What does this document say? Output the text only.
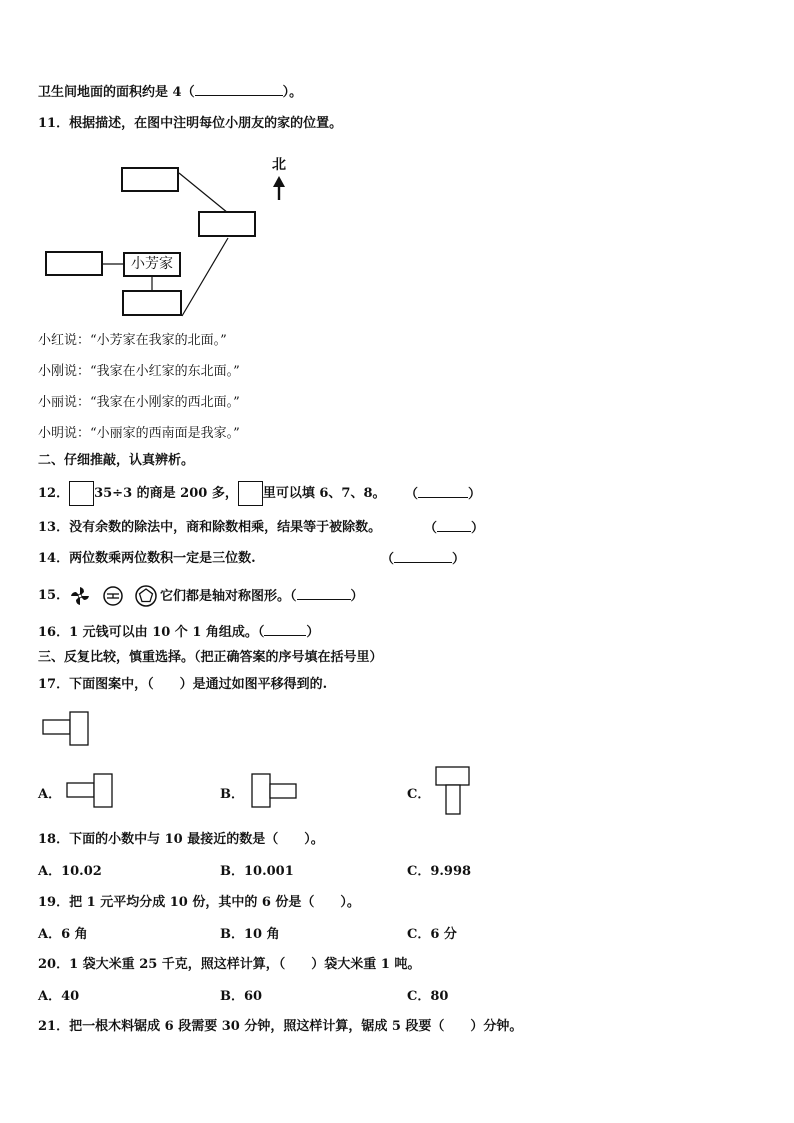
卫生间地面的面积约是 4（	）。
11．根据描述，在图中注明每位小朋友的家的位置。
北
小芳家
小红说：“小芳家在我家的北面。”
小刚说：“我家在小红家的东北面。”
小丽说：“我家在小刚家的西北面。”
小明说：“小丽家的西南面是我家。”
二、仔细推敲，认真辨析。
12． 35÷3 的商是 200 多， 里可以填 6、7、8。 （	）
13．没有余数的除法中，商和除数相乘，结果等于被除数。	（	）
14．两位数乘两位数积一定是三位数.	（	）
15．	它们都是轴对称图形。（	）
16．1 元钱可以由 10 个 1 角组成。（	）
三、反复比较，慎重选择。（把正确答案的序号填在括号里）
17．下面图案中，（　　）是通过如图平移得到的.
A．	B．	C．
18．下面的小数中与 10 最接近的数是（　　）。
A．10.02	B．10.001	C．9.998
19．把 1 元平均分成 10 份，其中的 6 份是（　　）。
A．6 角	B．10 角	C．6 分
20．1 袋大米重 25 千克，照这样计算，（　　）袋大米重 1 吨。
A．40	B．60	C．80
21．把一根木料锯成 6 段需要 30 分钟，照这样计算，锯成 5 段要（　　）分钟。
